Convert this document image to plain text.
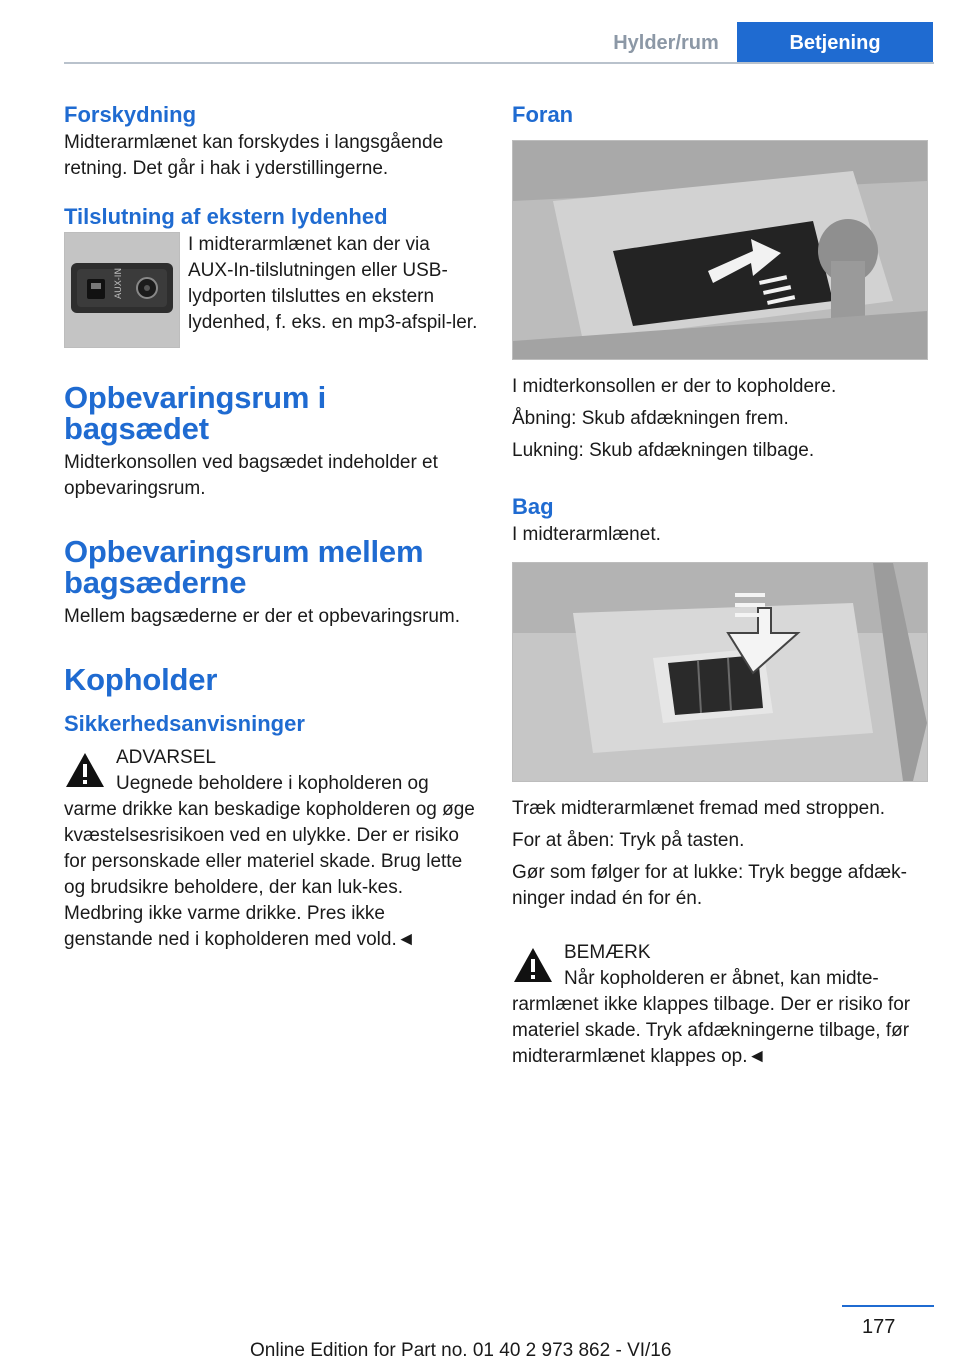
Hylder/rum	Betjening
Forskydning

Midterarmlænet kan forskydes i langsgående retning. Det går i hak i yderstillingerne.

Tilslutning af ekstern lydenhed
AUX-IN

I midterarmlænet kan der via AUX-In-tilslutningen eller USB-lydporten tilsluttes en ekstern lydenhed, f. eks. en mp3-afspil-ler.

Opbevaringsrum i bagsædet

Midterkonsollen ved bagsædet indeholder et opbevaringsrum.

Opbevaringsrum mellem bagsæderne

Mellem bagsæderne er der et opbevaringsrum.

Kopholder
Sikkerhedsanvisninger
ADVARSEL
Uegnede beholdere i kopholderen og

varme drikke kan beskadige kopholderen og øge kvæstelsesrisikoen ved en ulykke. Der er risiko for personskade eller materiel skade. Brug lette og brudsikre beholdere, der kan luk-kes. Medbring ikke varme drikke. Pres ikke genstande ned i kopholderen med vold.◄

Foran

I midterkonsollen er der to kopholdere.

Åbning: Skub afdækningen frem.

Lukning: Skub afdækningen tilbage.

Bag

I midterarmlænet.

Træk midterarmlænet fremad med stroppen.

For at åben: Tryk på tasten.

Gør som følger for at lukke: Tryk begge afdæk-ninger indad én for én.

BEMÆRK
Når kopholderen er åbnet, kan midte-

rarmlænet ikke klappes tilbage. Der er risiko for materiel skade. Tryk afdækningerne tilbage, før midterarmlænet klappes op.◄

177
Online Edition for Part no. 01 40 2 973 862 - VI/16
